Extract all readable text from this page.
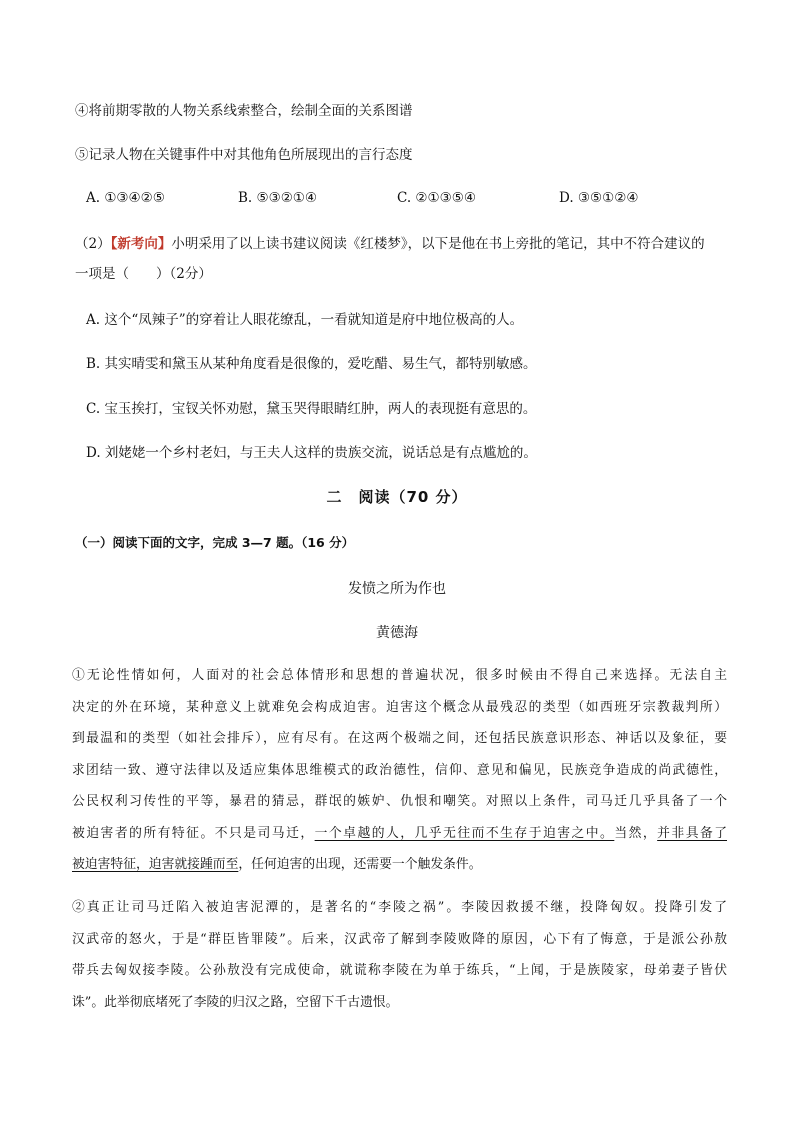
④将前期零散的人物关系线索整合，绘制全面的关系图谱
⑤记录人物在关键事件中对其他角色所展现出的言行态度
A. ①③④②⑤	B. ⑤③②①④	C. ②①③⑤④	D. ③⑤①②④
（2）【新考向】小明采用了以上读书建议阅读《红楼梦》，以下是他在书上旁批的笔记，其中不符合建议的
一项是（　　）（2分）
A. 这个“凤辣子”的穿着让人眼花缭乱，一看就知道是府中地位极高的人。
B. 其实晴雯和黛玉从某种角度看是很像的，爱吃醋、易生气，都特别敏感。
C. 宝玉挨打，宝钗关怀劝慰，黛玉哭得眼睛红肿，两人的表现挺有意思的。
D. 刘姥姥一个乡村老妇，与王夫人这样的贵族交流，说话总是有点尴尬的。
二　阅读（70 分）
（一）阅读下面的文字，完成 3—7 题。（16 分）
发愤之所为作也
黄德海
①无论性情如何，人面对的社会总体情形和思想的普遍状况，很多时候由不得自己来选择。无法自主
决定的外在环境，某种意义上就难免会构成迫害。迫害这个概念从最残忍的类型（如西班牙宗教裁判所）
到最温和的类型（如社会排斥），应有尽有。在这两个极端之间，还包括民族意识形态、神话以及象征，要
求团结一致、遵守法律以及适应集体思维模式的政治德性，信仰、意见和偏见，民族竞争造成的尚武德性，
公民权利习传性的平等，暴君的猜忌，群氓的嫉妒、仇恨和嘲笑。对照以上条件，司马迁几乎具备了一个
被迫害者的所有特征。不只是司马迁，一个卓越的人，几乎无往而不生存于迫害之中。当然，并非具备了
被迫害特征，迫害就接踵而至，任何迫害的出现，还需要一个触发条件。
②真正让司马迁陷入被迫害泥潭的，是著名的“李陵之祸”。李陵因救援不继，投降匈奴。投降引发了
汉武帝的怒火，于是“群臣皆罪陵”。后来，汉武帝了解到李陵败降的原因，心下有了悔意，于是派公孙敖
带兵去匈奴接李陵。公孙敖没有完成使命，就谎称李陵在为单于练兵，“上闻，于是族陵家，母弟妻子皆伏
诛”。此举彻底堵死了李陵的归汉之路，空留下千古遗恨。
